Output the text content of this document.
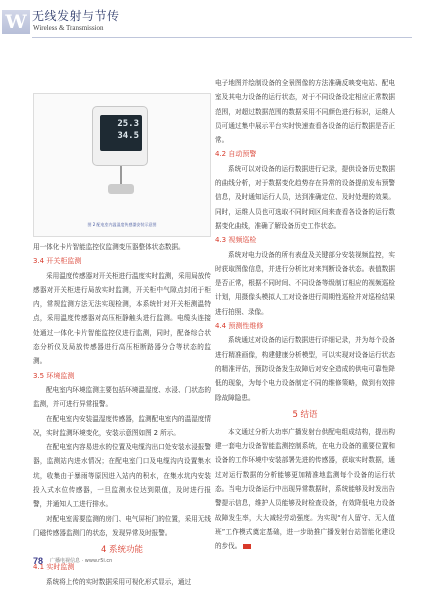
W 无线发射与节传
Wireless & Transmission
25.3
34.5
图 2 配电室内温湿度传感器安装示意图

用一体化卡片智能监控仪监测变压器整体状态数据。

3.4 开关柜监测

采用温度传感器对开关柜进行温度实时监测，采用局放传感器对开关柜进行局放实时监测，开关柜中气隙点封闭于柜内，常规监测方法无法实现检测，本系统针对开关柜测温特点，采用温度传感器对高压柜静触头进行监测。电缆头连接处通过一体化卡片智能监控仪进行监测，同时，配备综合状态分析仪及局放传感器进行高压柜断路器分合等状态的监测。

3.5 环境监测

配电室内环境监测主要包括环境温湿度、水浸、门状态的监测，并可进行异常报警。

在配电室内安装温湿度传感器，监测配电室内的温湿度情况，实时监测环境变化，安装示意图如图 2 所示。

在配电室内容易进水的位置及电缆沟出口处安装水浸报警器，监测站内进水情况；在配电室门口及电缆沟内设置集水坑，收集由于暴雨等原因进入站内的积水，在集水坑内安装投入式水位传感器，一旦监测水位达到限值，及时进行报警，并通知人工进行排水。

对配电室需要监测的房门、电气屏柜门的位置，采用无线门磁传感器监测门的状态，发现异常及时报警。

4 系统功能
4.1 实时监测

系统将上传的实时数据采用可视化形式显示，通过

电子地图并绘制设备的全景图像的方法准确反映变电站、配电室及其电力设备的运行状态，对于不同设备设定相应正常数据范围，对超过数据范围的数据采用不同颜色进行标识，运维人员可通过集中展示平台实时快速查看各设备的运行数据是否正常。

4.2 自动预警

系统可以对设备的运行数据进行记录，提供设备历史数据的曲线分析，对于数据变化趋势存在异常的设备提前发布预警信息，及时通知运行人员，达到准确定位、及时处理的效果。同时，运维人员也可选取不同时间区间来查看各设备的运行数据变化曲线，准确了解设备历史工作状态。

4.3 视频巡检

系统对电力设备的所有表盘及关键部分安装视频监控，实时获取图像信息，并进行分析比对来判断设备状态。表值数据是否正常，根据不同时间、不同设备等级制订相应的视频巡检计划，用摄像头模拟人工对设备进行周期性巡检并对巡检结果进行拍照、录像。

4.4 预测性维修

系统通过对设备的运行数据进行详细记录，并为每个设备进行精准画像，构建健康分析模型，可以实现对设备运行状态的精准评估，预防设备发生故障后对安全造成的供电可靠性降低的现象，为每个电力设备制定不同的维修策略，做到有效排除故障隐患。

5 结语

本文通过分析大功率广播发射台供配电组成结构，提出构建一套电力设备智能监测控制系统，在电力设备的重要位置和设备的工作环境中安装部署先进的传感器，获取实时数据，通过对运行数据的分析能够更加精准地监测每个设备的运行状态。当电力设备运行中出现异常数据时，系统能够及时发出告警提示信息，维护人员能够及时检查设备，有效降低电力设备故障发生率，大大减轻劳动强度。为实现“有人留守、无人值班”工作模式奠定基础，进一步助推广播发射台站智能化建设的步伐。

78 广播电视信息 · www.r5i.cn
